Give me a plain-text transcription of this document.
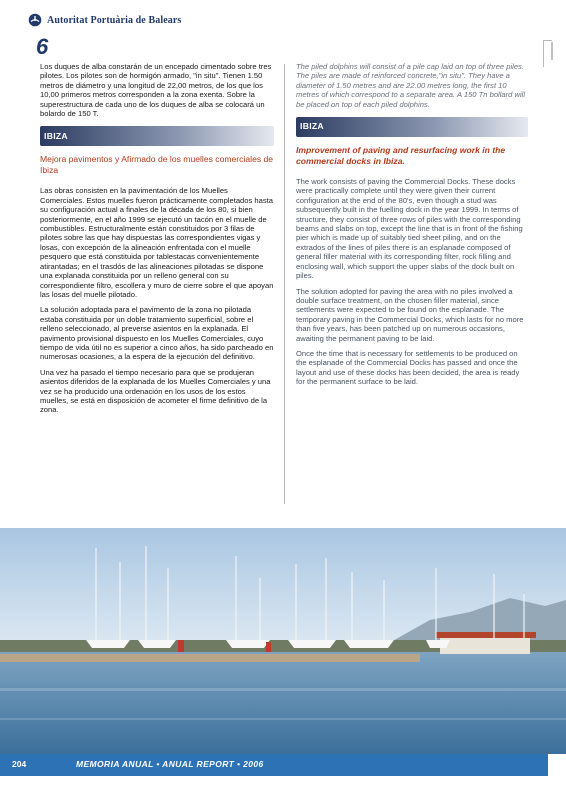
Autoritat Portuària de Balears
6

Los duques de alba constarán de un encepado cimentado sobre tres pilotes. Los pilotes son de hormigón armado, "in situ". Tienen 1.50 metros de diámetro y una longitud de 22,00 metros, de los que los 10,00 primeros metros corresponden a la zona exenta. Sobre la superestructura de cada uno de los duques de alba se colocará un bolardo de 150 T.

IBIZA
Mejora pavimentos y Afirmado de los muelles comerciales de Ibiza

Las obras consisten en la pavimentación de los Muelles Comerciales. Estos muelles fueron prácticamente completados hasta su configuración actual a finales de la década de los 80, si bien posteriormente, en el año 1999 se ejecutó un tacón en el muelle de combustibles. Estructuralmente están constituidos por 3 filas de pilotes sobre las que hay dispuestas las correspondientes vigas y losas, con excepción de la alineación enfrentada con el muelle pesquero que está constituida por tablestacas convenientemente atirantadas; en el trasdós de las alineaciones pilotadas se dispone una explanada constituida por un relleno general con su correspondiente filtro, escollera y muro de cierre sobre el que apoyan las losas del muelle pilotado.

La solución adoptada para el pavimento de la zona no pilotada estaba constituida por un doble tratamiento superficial, sobre el relleno seleccionado, al preverse asientos en la explanada. El pavimento provisional dispuesto en los Muelles Comerciales, cuyo tiempo de vida útil no es superior a cinco años, ha sido parcheado en numerosas ocasiones, a la espera de la ejecución del definitivo.

Una vez ha pasado el tiempo necesario para que se produjeran asientos diferidos de la explanada de los Muelles Comerciales y una vez se ha producido una ordenación en los usos de los estos muelles, se está en disposición de acometer el firme definitivo de la zona.

The piled dolphins will consist of a pile cap laid on top of three piles. The piles are made of reinforced concrete,"in situ". They have a diameter of 1.50 metres and are 22.00 metres long, the first 10 metres of which correspond to a separate area. A 150 Tn bollard will be placed on top of each piled dolphins.

IBIZA
Improvement of paving and resurfacing work in the commercial docks in Ibiza.

The work consists of paving the Commercial Docks. These docks were practically complete until they were given their current configuration at the end of the 80's, even though a stud was subsequently built in the fuelling dock in the year 1999. In terms of structure, they consist of three rows of piles with the corresponding beams and slabs on top, except the line that is in front of the fishing pier which is made up of suitably tied sheet piling, and on the extrados of the lines of piles there is an esplanade composed of general filler material with its corresponding filter, rock filling and enclosing wall, which support the upper slabs of the dock built on piles.

The solution adopted for paving the area with no piles involved a double surface treatment, on the chosen filler material, since settlements were expected to be found on the esplanade. The temporary paving in the Commercial Docks, which lasts for no more than five years, has been patched up on numerous occasions, awaiting the permanent paving to be laid.

Once the time that is necessary for settlements to be produced on the esplanade of the Commercial Docks has passed and once the layout and use of these docks has been decided, the area is ready for the permanent surface to be laid.

204	MEMORIA ANUAL • ANUAL REPORT • 2006
